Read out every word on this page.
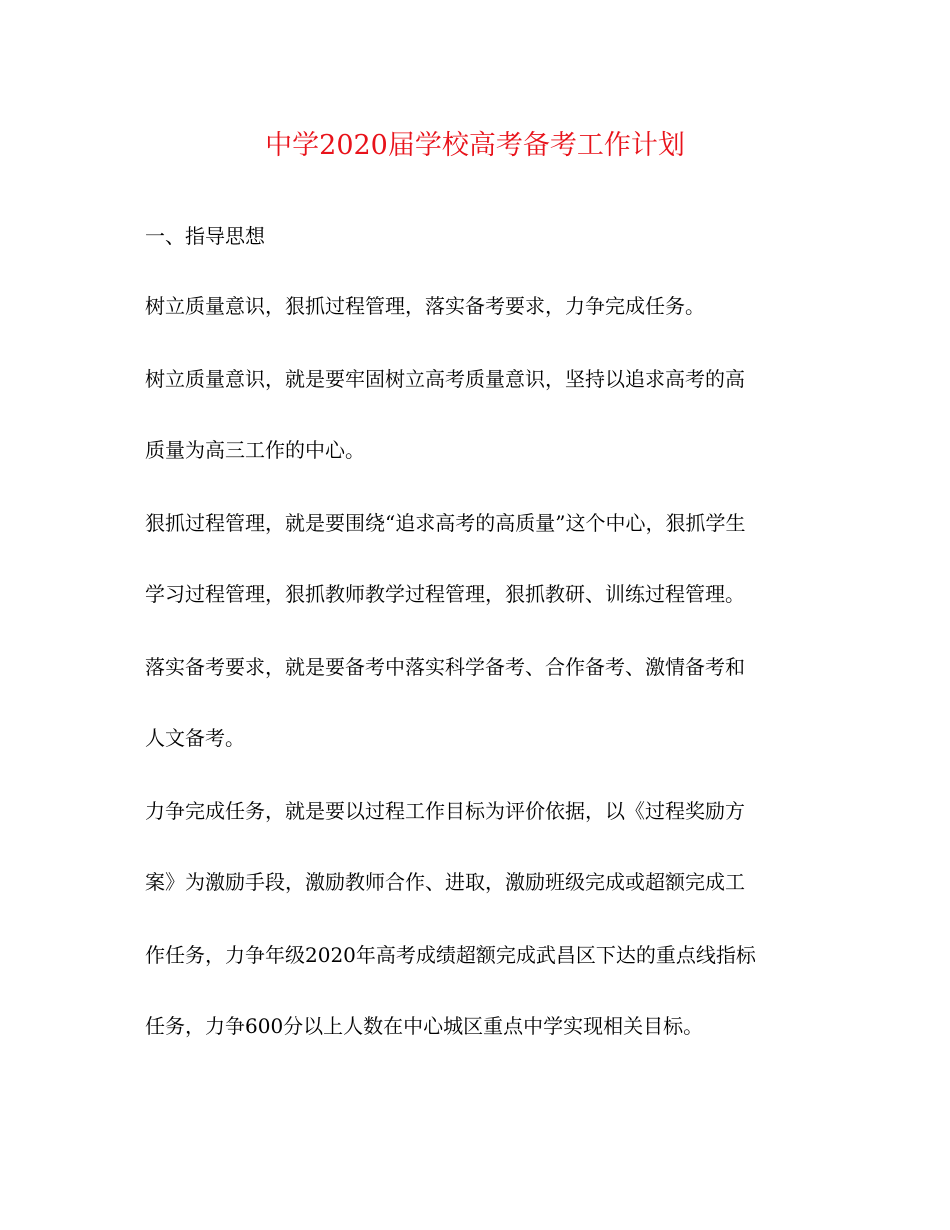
中学2020届学校高考备考工作计划
一、指导思想
树立质量意识，狠抓过程管理，落实备考要求，力争完成任务。
树立质量意识，就是要牢固树立高考质量意识，坚持以追求高考的高
质量为高三工作的中心。
狠抓过程管理，就是要围绕“追求高考的高质量”这个中心，狠抓学生
学习过程管理，狠抓教师教学过程管理，狠抓教研、训练过程管理。
落实备考要求，就是要备考中落实科学备考、合作备考、激情备考和
人文备考。
力争完成任务，就是要以过程工作目标为评价依据，以《过程奖励方
案》为激励手段，激励教师合作、进取，激励班级完成或超额完成工
作任务，力争年级2020年高考成绩超额完成武昌区下达的重点线指标
任务，力争600分以上人数在中心城区重点中学实现相关目标。
